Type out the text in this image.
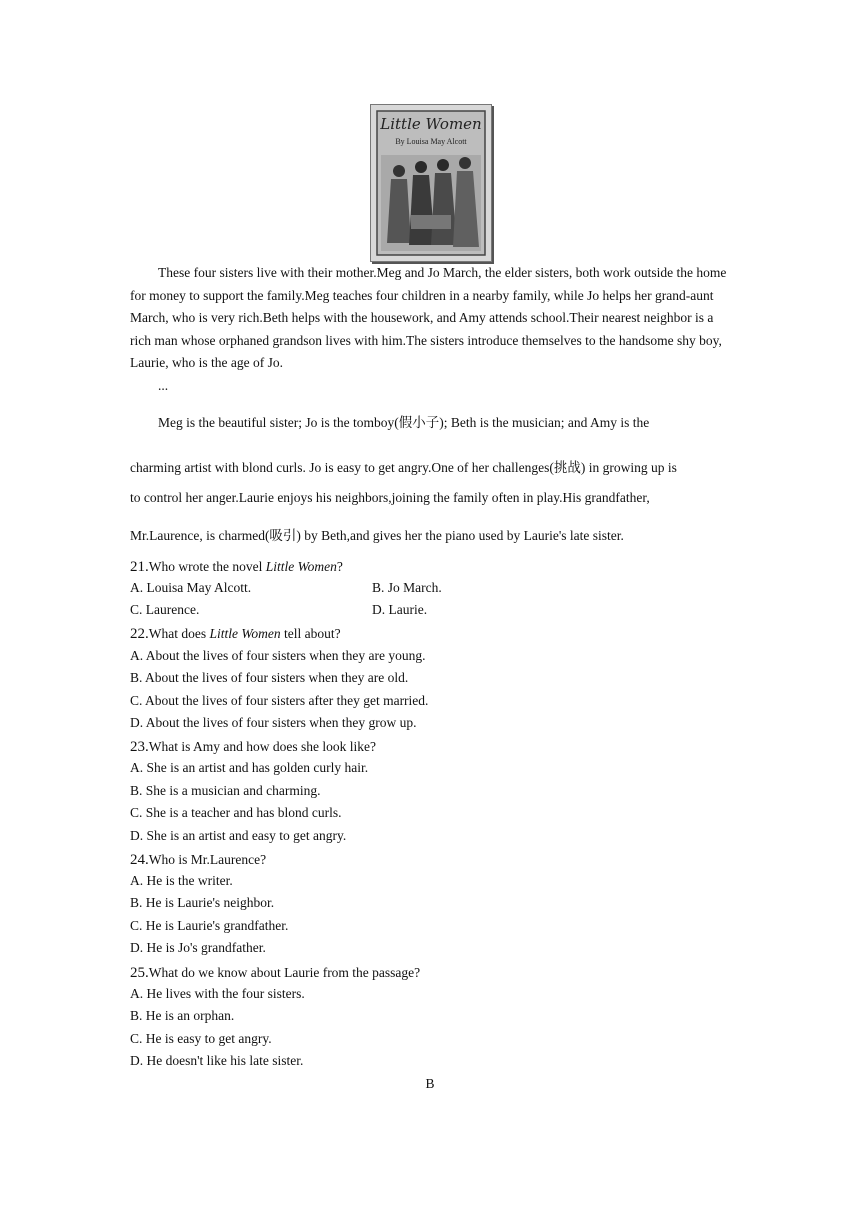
Little Women
By Louisa May Alcott
These four sisters live with their mother.Meg and Jo March, the elder sisters, both work outside the home for money to support the family.Meg teaches four children in a nearby family, while Jo helps her grand-aunt March, who is very rich.Beth helps with the housework, and Amy attends school.Their nearest neighbor is a rich man whose orphaned grandson lives with him.The sisters introduce themselves to the handsome shy boy, Laurie, who is the age of Jo.
...
Meg is the beautiful sister; Jo is the tomboy(假小子); Beth is the musician; and Amy is the
charming artist with blond curls. Jo is easy to get angry.One of her challenges(挑战) in growing up is
to control her anger.Laurie enjoys his neighbors,joining the family often in play.His grandfather,
Mr.Laurence, is charmed(吸引) by Beth,and gives her the piano used by Laurie's late sister.
21.Who wrote the novel Little Women?
A. Louisa May Alcott.	B. Jo March.
C. Laurence.	D. Laurie.
22.What does Little Women tell about?
A. About the lives of four sisters when they are young.
B. About the lives of four sisters when they are old.
C. About the lives of four sisters after they get married.
D. About the lives of four sisters when they grow up.
23.What is Amy and how does she look like?
A. She is an artist and has golden curly hair.
B. She is a musician and charming.
C. She is a teacher and has blond curls.
D. She is an artist and easy to get angry.
24.Who is Mr.Laurence?
A. He is the writer.
B. He is Laurie's neighbor.
C. He is Laurie's grandfather.
D. He is Jo's grandfather.
25.What do we know about Laurie from the passage?
A. He lives with the four sisters.
B. He is an orphan.
C. He is easy to get angry.
D. He doesn't like his late sister.
B
